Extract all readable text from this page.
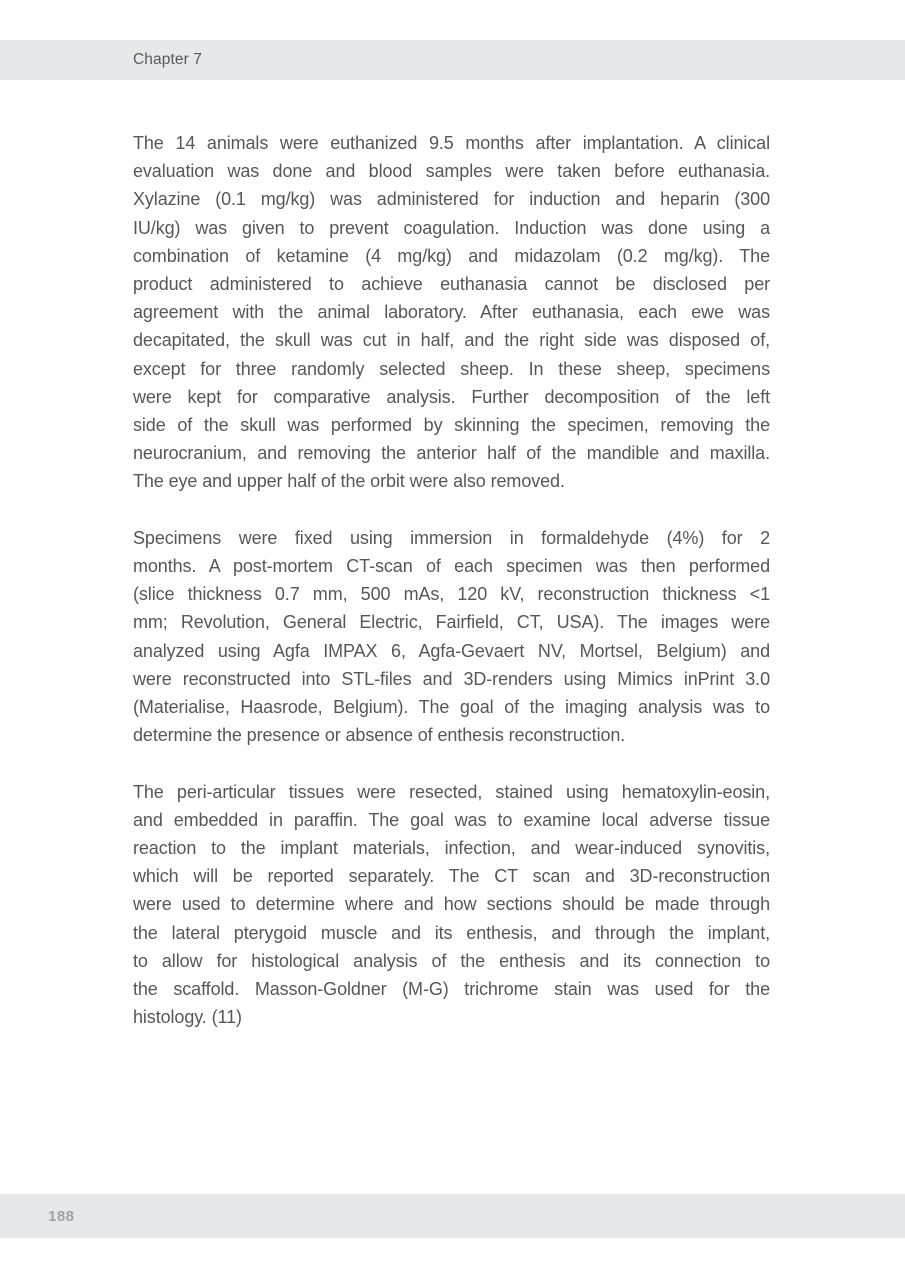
Chapter 7
The 14 animals were euthanized 9.5 months after implantation. A clinical
evaluation was done and blood samples were taken before euthanasia.
Xylazine (0.1 mg/kg) was administered for induction and heparin (300
IU/kg) was given to prevent coagulation. Induction was done using a
combination of ketamine (4 mg/kg) and midazolam (0.2 mg/kg). The
product administered to achieve euthanasia cannot be disclosed per
agreement with the animal laboratory. After euthanasia, each ewe was
decapitated, the skull was cut in half, and the right side was disposed of,
except for three randomly selected sheep. In these sheep, specimens
were kept for comparative analysis. Further decomposition of the left
side of the skull was performed by skinning the specimen, removing the
neurocranium, and removing the anterior half of the mandible and maxilla.
The eye and upper half of the orbit were also removed.
Specimens were fixed using immersion in formaldehyde (4%) for 2
months. A post-mortem CT-scan of each specimen was then performed
(slice thickness 0.7 mm, 500 mAs, 120 kV, reconstruction thickness <1
mm; Revolution, General Electric, Fairfield, CT, USA). The images were
analyzed using Agfa IMPAX 6, Agfa-Gevaert NV, Mortsel, Belgium) and
were reconstructed into STL-files and 3D-renders using Mimics inPrint 3.0
(Materialise, Haasrode, Belgium). The goal of the imaging analysis was to
determine the presence or absence of enthesis reconstruction.
The peri-articular tissues were resected, stained using hematoxylin-eosin,
and embedded in paraffin. The goal was to examine local adverse tissue
reaction to the implant materials, infection, and wear-induced synovitis,
which will be reported separately. The CT scan and 3D-reconstruction
were used to determine where and how sections should be made through
the lateral pterygoid muscle and its enthesis, and through the implant,
to allow for histological analysis of the enthesis and its connection to
the scaffold. Masson-Goldner (M-G) trichrome stain was used for the
histology. (11)
188
